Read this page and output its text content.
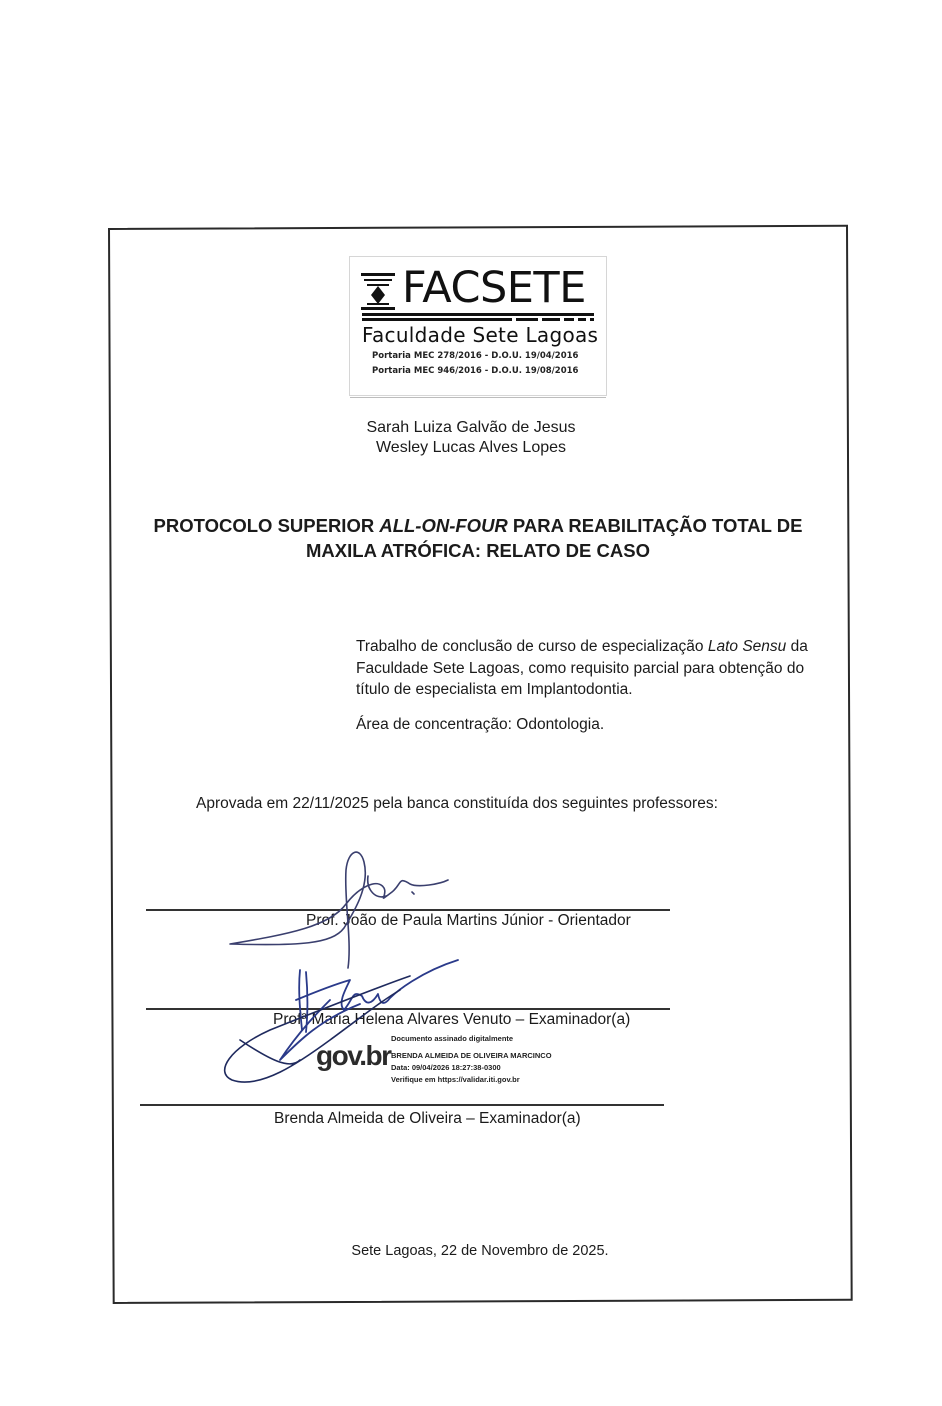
FACSETE
Faculdade Sete Lagoas
Portaria MEC 278/2016 - D.O.U. 19/04/2016
Portaria MEC 946/2016 - D.O.U. 19/08/2016
Sarah Luiza Galvão de Jesus
Wesley Lucas Alves Lopes
PROTOCOLO SUPERIOR ALL-ON-FOUR PARA REABILITAÇÃO TOTAL DE MAXILA ATRÓFICA: RELATO DE CASO
Trabalho de conclusão de curso de especialização Lato Sensu da Faculdade Sete Lagoas, como requisito parcial para obtenção do título de especialista em Implantodontia.
Área de concentração: Odontologia.
Aprovada em 22/11/2025 pela banca constituída dos seguintes professores:
Prof. João de Paula Martins Júnior - Orientador
Profª Maria Helena Alvares Venuto – Examinador(a)
gov.br
Documento assinado digitalmente
BRENDA ALMEIDA DE OLIVEIRA MARCINCO
Data: 09/04/2026 18:27:38-0300
Verifique em https://validar.iti.gov.br
Brenda Almeida de Oliveira – Examinador(a)
Sete Lagoas, 22 de Novembro de 2025.
